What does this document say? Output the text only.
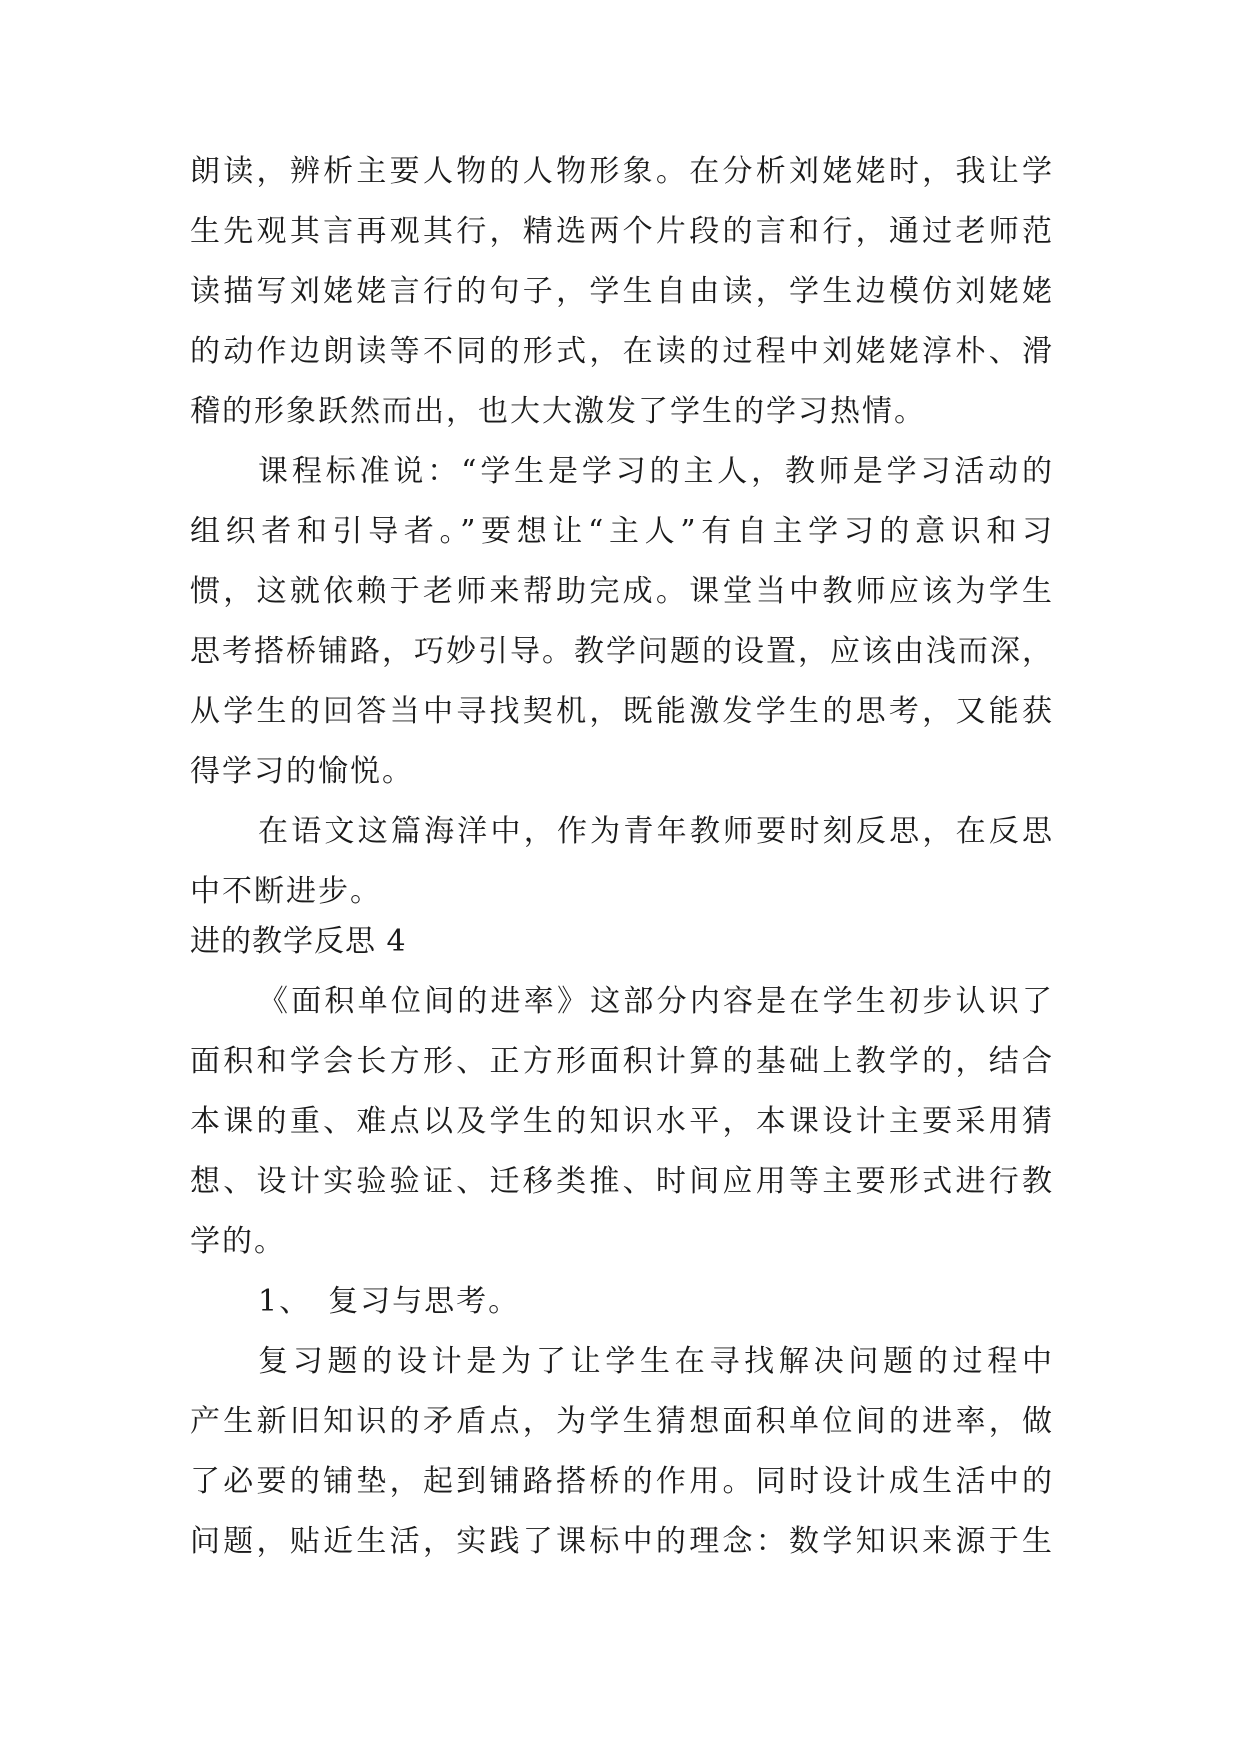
朗读，辨析主要人物的人物形象。在分析刘姥姥时，我让学
生先观其言再观其行，精选两个片段的言和行，通过老师范
读描写刘姥姥言行的句子，学生自由读，学生边模仿刘姥姥
的动作边朗读等不同的形式，在读的过程中刘姥姥淳朴、滑
稽的形象跃然而出，也大大激发了学生的学习热情。
课程标准说：“学生是学习的主人，教师是学习活动的
组织者和引导者。”要想让“主人”有自主学习的意识和习
惯，这就依赖于老师来帮助完成。课堂当中教师应该为学生
思考搭桥铺路，巧妙引导。教学问题的设置，应该由浅而深，
从学生的回答当中寻找契机，既能激发学生的思考，又能获
得学习的愉悦。
在语文这篇海洋中，作为青年教师要时刻反思，在反思
中不断进步。
进的教学反思 4
《面积单位间的进率》这部分内容是在学生初步认识了
面积和学会长方形、正方形面积计算的基础上教学的，结合
本课的重、难点以及学生的知识水平，本课设计主要采用猜
想、设计实验验证、迁移类推、时间应用等主要形式进行教
学的。
1、　复习与思考。
复习题的设计是为了让学生在寻找解决问题的过程中
产生新旧知识的矛盾点，为学生猜想面积单位间的进率，做
了必要的铺垫，起到铺路搭桥的作用。同时设计成生活中的
问题，贴近生活，实践了课标中的理念：数学知识来源于生
